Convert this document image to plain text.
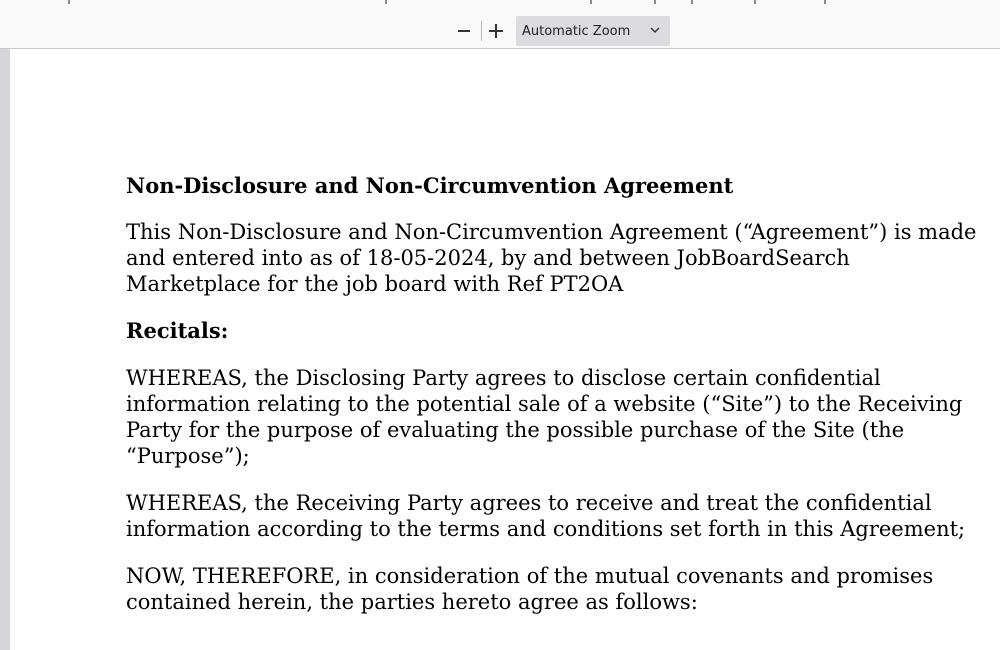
Automatic Zoom
Non-Disclosure and Non-Circumvention Agreement

This Non-Disclosure and Non-Circumvention Agreement (“Agreement”) is made and entered into as of 18-05-2024, by and between JobBoardSearch Marketplace for the job board with Ref PT2OA

Recitals:

WHEREAS, the Disclosing Party agrees to disclose certain confidential information relating to the potential sale of a website (“Site”) to the Receiving Party for the purpose of evaluating the possible purchase of the Site (the “Purpose”);

WHEREAS, the Receiving Party agrees to receive and treat the confidential information according to the terms and conditions set forth in this Agreement;

NOW, THEREFORE, in consideration of the mutual covenants and promises contained herein, the parties hereto agree as follows:
